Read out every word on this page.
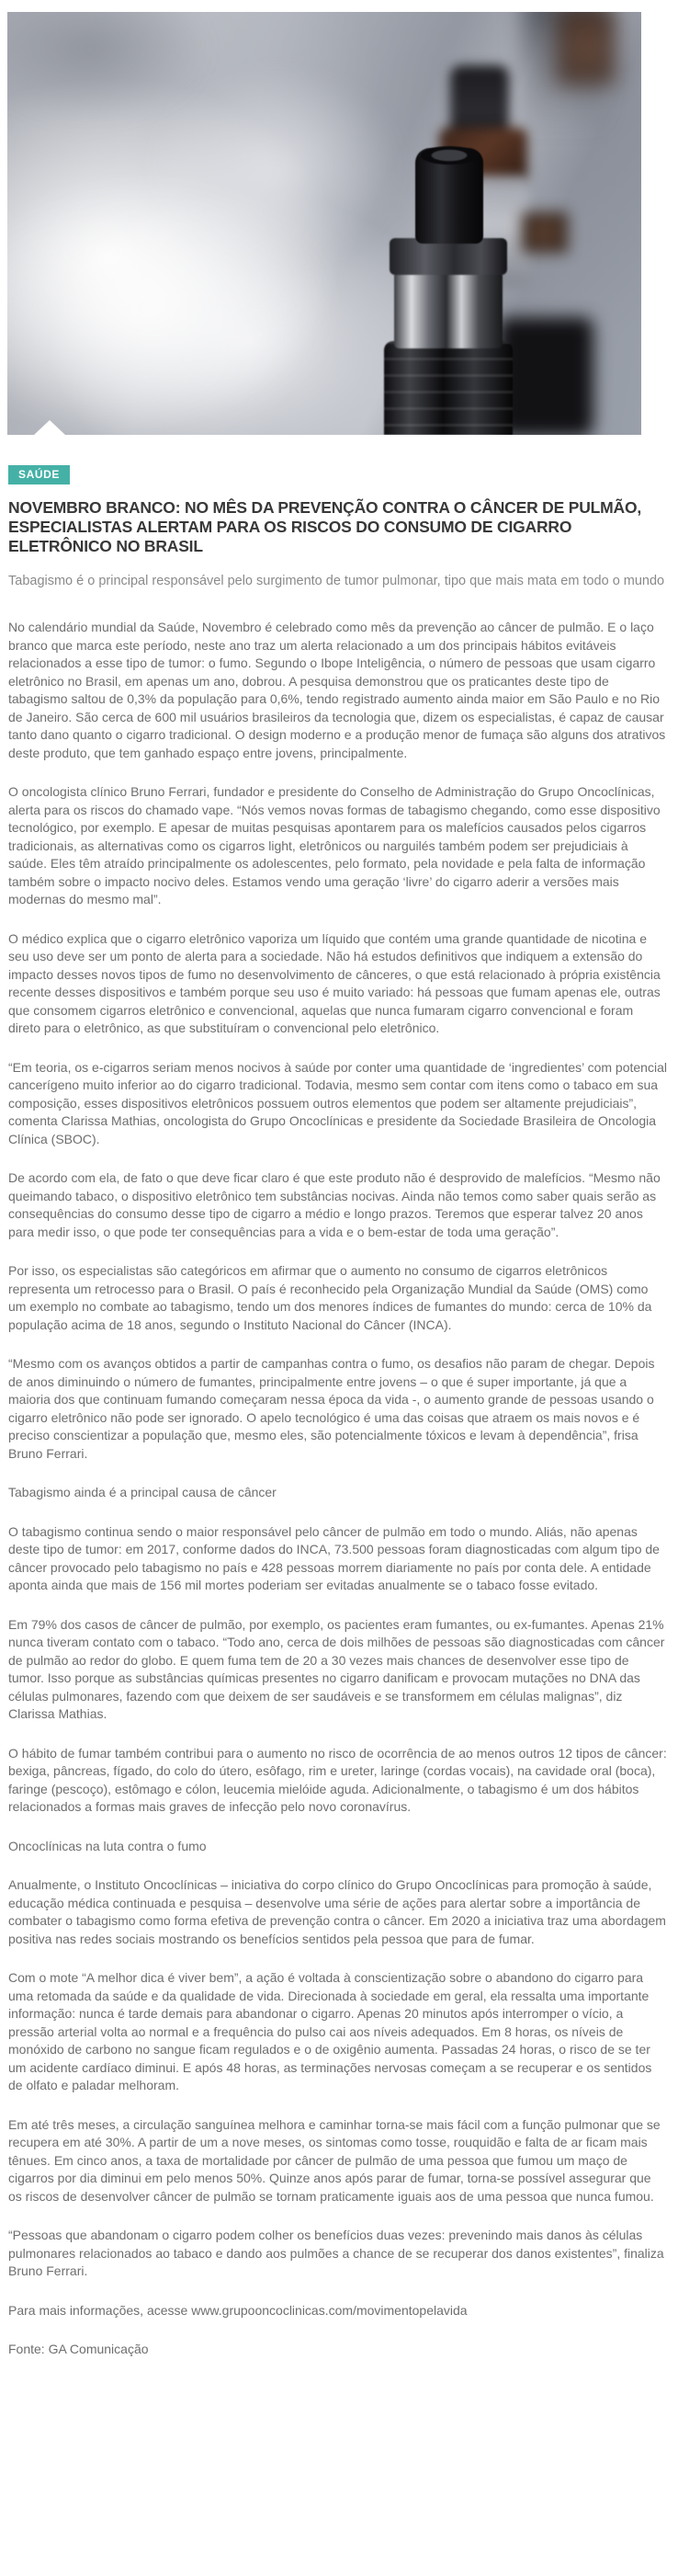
SAÚDE
NOVEMBRO BRANCO: NO MÊS DA PREVENÇÃO CONTRA O CÂNCER DE PULMÃO, ESPECIALISTAS ALERTAM PARA OS RISCOS DO CONSUMO DE CIGARRO ELETRÔNICO NO BRASIL

Tabagismo é o principal responsável pelo surgimento de tumor pulmonar, tipo que mais mata em todo o mundo

No calendário mundial da Saúde, Novembro é celebrado como mês da prevenção ao câncer de pulmão. E o laço branco que marca este período, neste ano traz um alerta relacionado a um dos principais hábitos evitáveis relacionados a esse tipo de tumor: o fumo. Segundo o Ibope Inteligência, o número de pessoas que usam cigarro eletrônico no Brasil, em apenas um ano, dobrou. A pesquisa demonstrou que os praticantes deste tipo de tabagismo saltou de 0,3% da população para 0,6%, tendo registrado aumento ainda maior em São Paulo e no Rio de Janeiro. São cerca de 600 mil usuários brasileiros da tecnologia que, dizem os especialistas, é capaz de causar tanto dano quanto o cigarro tradicional. O design moderno e a produção menor de fumaça são alguns dos atrativos deste produto, que tem ganhado espaço entre jovens, principalmente.

O oncologista clínico Bruno Ferrari, fundador e presidente do Conselho de Administração do Grupo Oncoclínicas, alerta para os riscos do chamado vape. “Nós vemos novas formas de tabagismo chegando, como esse dispositivo tecnológico, por exemplo. E apesar de muitas pesquisas apontarem para os malefícios causados pelos cigarros tradicionais, as alternativas como os cigarros light, eletrônicos ou narguilés também podem ser prejudiciais à saúde. Eles têm atraído principalmente os adolescentes, pelo formato, pela novidade e pela falta de informação também sobre o impacto nocivo deles. Estamos vendo uma geração ‘livre’ do cigarro aderir a versões mais modernas do mesmo mal”.

O médico explica que o cigarro eletrônico vaporiza um líquido que contém uma grande quantidade de nicotina e seu uso deve ser um ponto de alerta para a sociedade. Não há estudos definitivos que indiquem a extensão do impacto desses novos tipos de fumo no desenvolvimento de cânceres, o que está relacionado à própria existência recente desses dispositivos e também porque seu uso é muito variado: há pessoas que fumam apenas ele, outras que consomem cigarros eletrônico e convencional, aquelas que nunca fumaram cigarro convencional e foram direto para o eletrônico, as que substituíram o convencional pelo eletrônico.

“Em teoria, os e-cigarros seriam menos nocivos à saúde por conter uma quantidade de ‘ingredientes’ com potencial cancerígeno muito inferior ao do cigarro tradicional. Todavia, mesmo sem contar com itens como o tabaco em sua composição, esses dispositivos eletrônicos possuem outros elementos que podem ser altamente prejudiciais”, comenta Clarissa Mathias, oncologista do Grupo Oncoclínicas e presidente da Sociedade Brasileira de Oncologia Clínica (SBOC).

De acordo com ela, de fato o que deve ficar claro é que este produto não é desprovido de malefícios. “Mesmo não queimando tabaco, o dispositivo eletrônico tem substâncias nocivas. Ainda não temos como saber quais serão as consequências do consumo desse tipo de cigarro a médio e longo prazos. Teremos que esperar talvez 20 anos para medir isso, o que pode ter consequências para a vida e o bem-estar de toda uma geração”.

Por isso, os especialistas são categóricos em afirmar que o aumento no consumo de cigarros eletrônicos representa um retrocesso para o Brasil. O país é reconhecido pela Organização Mundial da Saúde (OMS) como um exemplo no combate ao tabagismo, tendo um dos menores índices de fumantes do mundo: cerca de 10% da população acima de 18 anos, segundo o Instituto Nacional do Câncer (INCA).

“Mesmo com os avanços obtidos a partir de campanhas contra o fumo, os desafios não param de chegar. Depois de anos diminuindo o número de fumantes, principalmente entre jovens – o que é super importante, já que a maioria dos que continuam fumando começaram nessa época da vida -, o aumento grande de pessoas usando o cigarro eletrônico não pode ser ignorado. O apelo tecnológico é uma das coisas que atraem os mais novos e é preciso conscientizar a população que, mesmo eles, são potencialmente tóxicos e levam à dependência”, frisa Bruno Ferrari.

Tabagismo ainda é a principal causa de câncer

O tabagismo continua sendo o maior responsável pelo câncer de pulmão em todo o mundo. Aliás, não apenas deste tipo de tumor: em 2017, conforme dados do INCA, 73.500 pessoas foram diagnosticadas com algum tipo de câncer provocado pelo tabagismo no país e 428 pessoas morrem diariamente no país por conta dele. A entidade aponta ainda que mais de 156 mil mortes poderiam ser evitadas anualmente se o tabaco fosse evitado.

Em 79% dos casos de câncer de pulmão, por exemplo, os pacientes eram fumantes, ou ex-fumantes. Apenas 21% nunca tiveram contato com o tabaco. “Todo ano, cerca de dois milhões de pessoas são diagnosticadas com câncer de pulmão ao redor do globo. E quem fuma tem de 20 a 30 vezes mais chances de desenvolver esse tipo de tumor. Isso porque as substâncias químicas presentes no cigarro danificam e provocam mutações no DNA das células pulmonares, fazendo com que deixem de ser saudáveis e se transformem em células malignas”, diz Clarissa Mathias.

O hábito de fumar também contribui para o aumento no risco de ocorrência de ao menos outros 12 tipos de câncer: bexiga, pâncreas, fígado, do colo do útero, esôfago, rim e ureter, laringe (cordas vocais), na cavidade oral (boca), faringe (pescoço), estômago e cólon, leucemia mielóide aguda. Adicionalmente, o tabagismo é um dos hábitos relacionados a formas mais graves de infecção pelo novo coronavírus.

Oncoclínicas na luta contra o fumo

Anualmente, o Instituto Oncoclínicas – iniciativa do corpo clínico do Grupo Oncoclínicas para promoção à saúde, educação médica continuada e pesquisa – desenvolve uma série de ações para alertar sobre a importância de combater o tabagismo como forma efetiva de prevenção contra o câncer. Em 2020 a iniciativa traz uma abordagem positiva nas redes sociais mostrando os benefícios sentidos pela pessoa que para de fumar.

Com o mote “A melhor dica é viver bem”, a ação é voltada à conscientização sobre o abandono do cigarro para uma retomada da saúde e da qualidade de vida. Direcionada à sociedade em geral, ela ressalta uma importante informação: nunca é tarde demais para abandonar o cigarro. Apenas 20 minutos após interromper o vício, a pressão arterial volta ao normal e a frequência do pulso cai aos níveis adequados. Em 8 horas, os níveis de monóxido de carbono no sangue ficam regulados e o de oxigênio aumenta. Passadas 24 horas, o risco de se ter um acidente cardíaco diminui. E após 48 horas, as terminações nervosas começam a se recuperar e os sentidos de olfato e paladar melhoram.

Em até três meses, a circulação sanguínea melhora e caminhar torna-se mais fácil com a função pulmonar que se recupera em até 30%. A partir de um a nove meses, os sintomas como tosse, rouquidão e falta de ar ficam mais tênues. Em cinco anos, a taxa de mortalidade por câncer de pulmão de uma pessoa que fumou um maço de cigarros por dia diminui em pelo menos 50%. Quinze anos após parar de fumar, torna-se possível assegurar que os riscos de desenvolver câncer de pulmão se tornam praticamente iguais aos de uma pessoa que nunca fumou.

“Pessoas que abandonam o cigarro podem colher os benefícios duas vezes: prevenindo mais danos às células pulmonares relacionados ao tabaco e dando aos pulmões a chance de se recuperar dos danos existentes”, finaliza Bruno Ferrari.

Para mais informações, acesse www.grupooncoclinicas.com/movimentopelavida

Fonte: GA Comunicação
